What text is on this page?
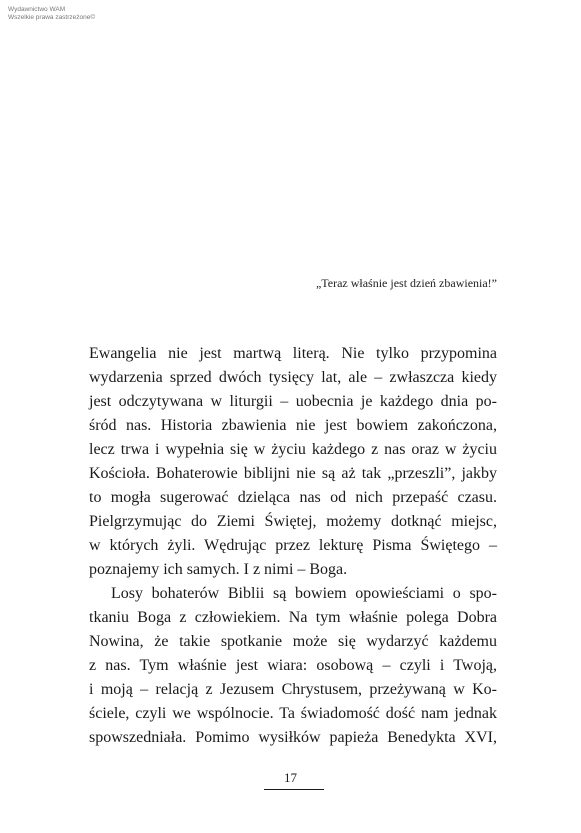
Wydawnictwo WAM
Wszelkie prawa zastrzeżone©
„Teraz właśnie jest dzień zbawienia!”

Ewangelia nie jest martwą literą. Nie tylko przypomina
wydarzenia sprzed dwóch tysięcy lat, ale – zwłaszcza kiedy
jest odczytywana w liturgii – uobecnia je każdego dnia po-
śród nas. Historia zbawienia nie jest bowiem zakończona,
lecz trwa i wypełnia się w życiu każdego z nas oraz w życiu
Kościoła. Bohaterowie biblijni nie są aż tak „przeszli”, jakby
to mogła sugerować dzieląca nas od nich przepaść czasu.
Pielgrzymując do Ziemi Świętej, możemy dotknąć miejsc,
w których żyli. Wędrując przez lekturę Pisma Świętego –
poznajemy ich samych. I z nimi – Boga.

Losy bohaterów Biblii są bowiem opowieściami o spo-
tkaniu Boga z człowiekiem. Na tym właśnie polega Dobra
Nowina, że takie spotkanie może się wydarzyć każdemu
z nas. Tym właśnie jest wiara: osobową – czyli i Twoją,
i moją – relacją z Jezusem Chrystusem, przeżywaną w Ko-
ściele, czyli we wspólnocie. Ta świadomość dość nam jednak
spowszedniała. Pomimo wysiłków papieża Benedykta XVI,

17
